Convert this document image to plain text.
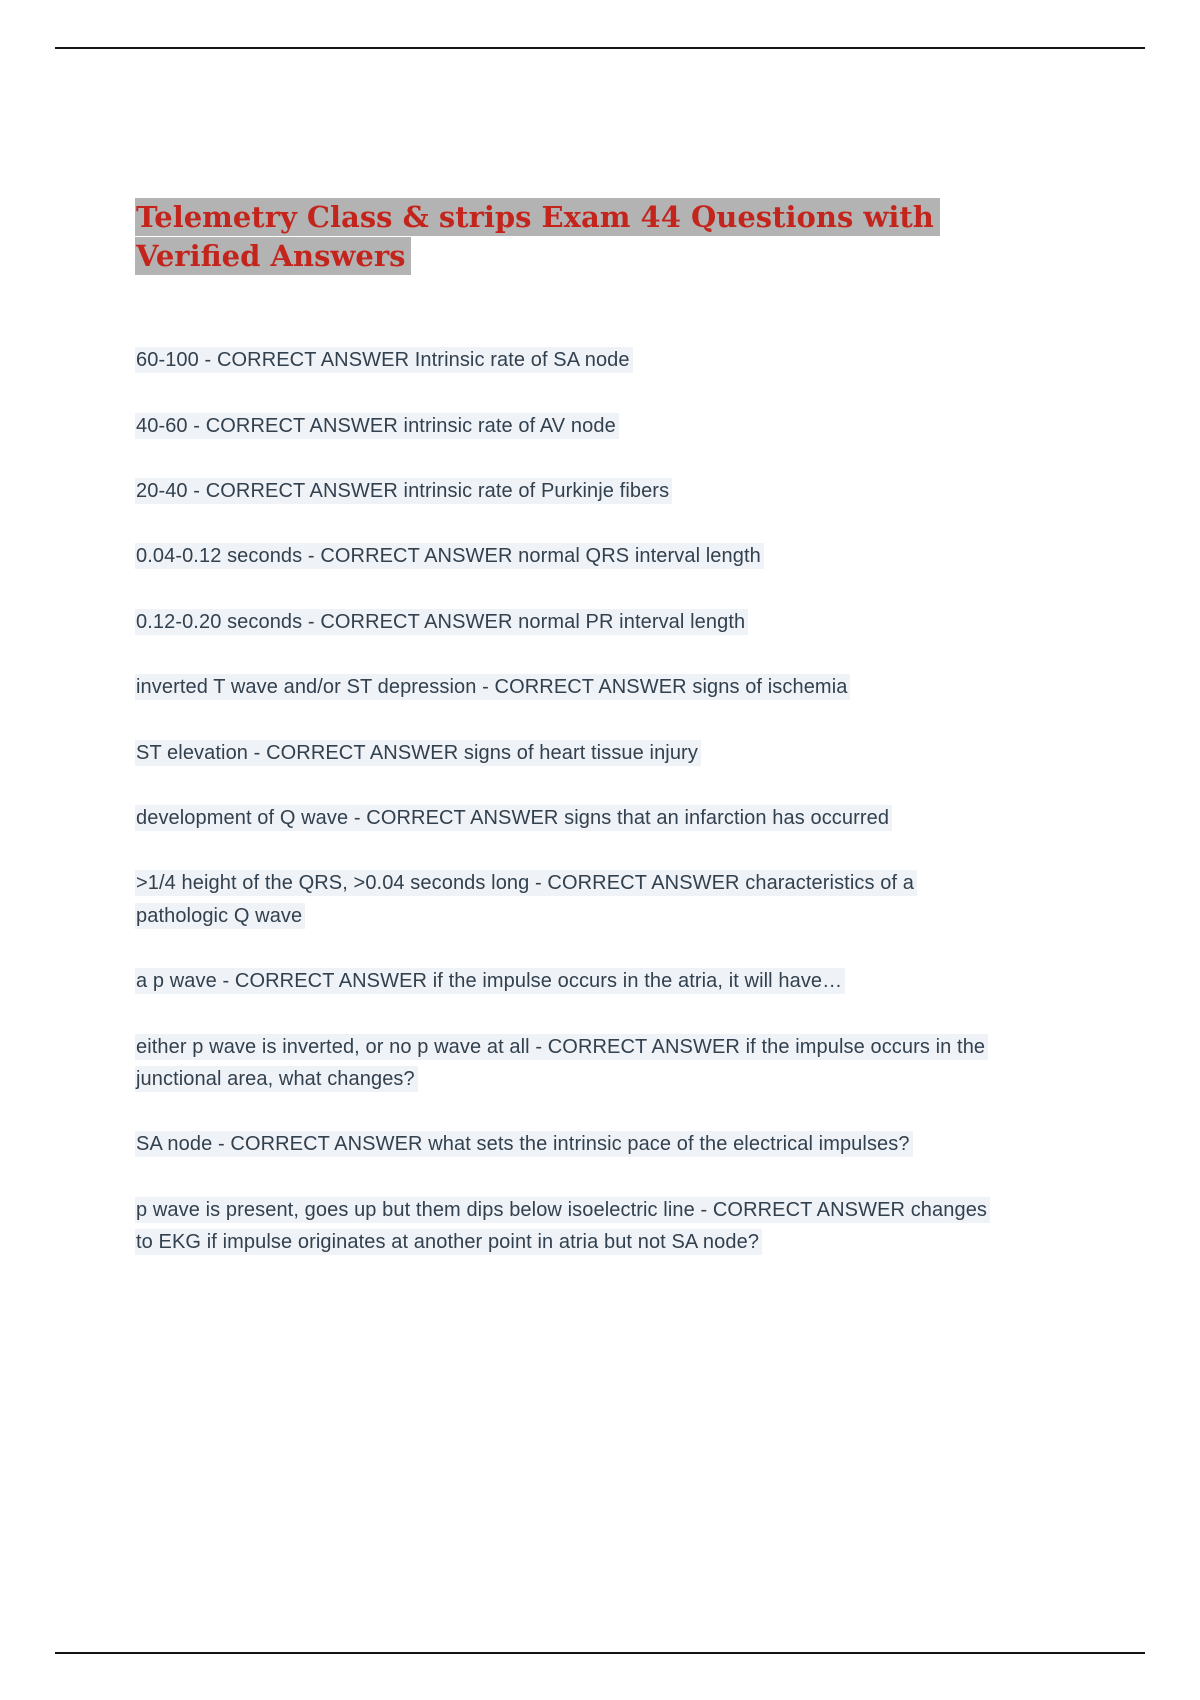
Telemetry Class & strips Exam 44 Questions with Verified Answers

60-100 - CORRECT ANSWER Intrinsic rate of SA node

40-60 - CORRECT ANSWER intrinsic rate of AV node

20-40 - CORRECT ANSWER intrinsic rate of Purkinje fibers

0.04-0.12 seconds - CORRECT ANSWER normal QRS interval length

0.12-0.20 seconds - CORRECT ANSWER normal PR interval length

inverted T wave and/or ST depression - CORRECT ANSWER signs of ischemia

ST elevation - CORRECT ANSWER signs of heart tissue injury

development of Q wave - CORRECT ANSWER signs that an infarction has occurred

>1/4 height of the QRS, >0.04 seconds long - CORRECT ANSWER characteristics of a pathologic Q wave

a p wave - CORRECT ANSWER if the impulse occurs in the atria, it will have…

either p wave is inverted, or no p wave at all - CORRECT ANSWER if the impulse occurs in the junctional area, what changes?

SA node - CORRECT ANSWER what sets the intrinsic pace of the electrical impulses?

p wave is present, goes up but them dips below isoelectric line - CORRECT ANSWER changes to EKG if impulse originates at another point in atria but not SA node?
